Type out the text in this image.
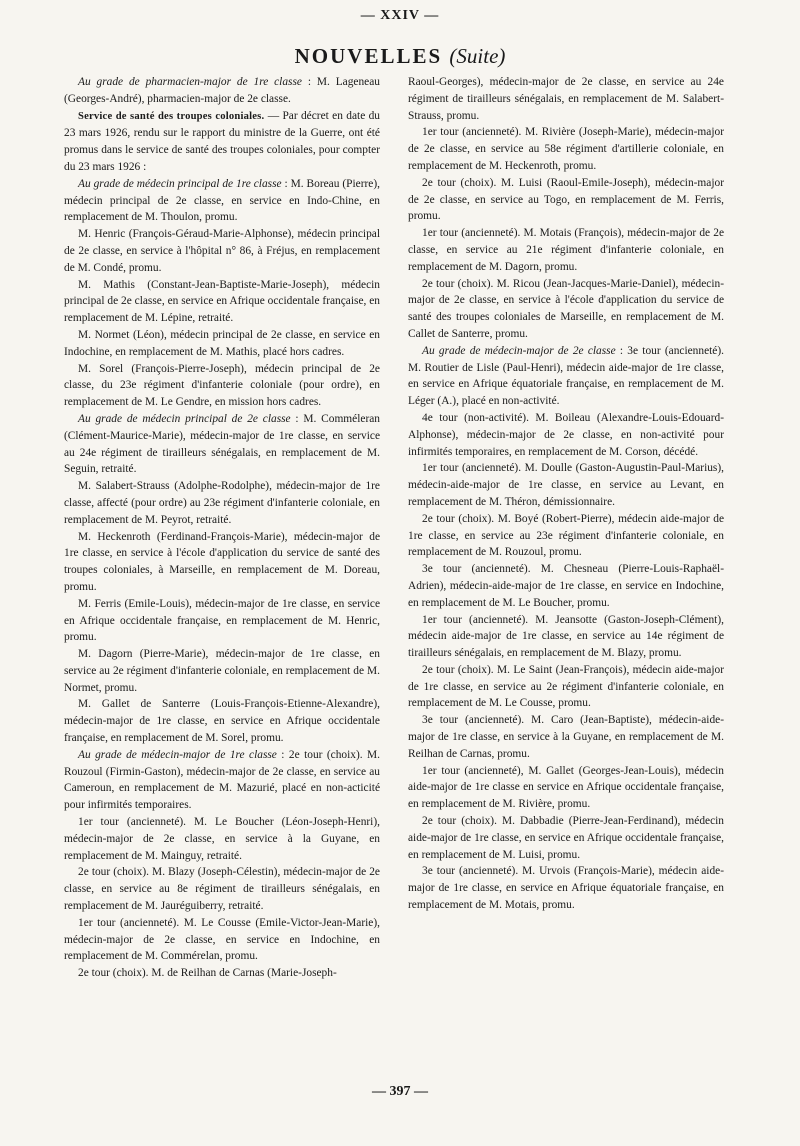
— XXIV —
NOUVELLES (Suite)

Au grade de pharmacien-major de 1re classe : M. Lageneau (Georges-André), pharmacien-major de 2e classe.

Service de santé des troupes coloniales. — Par décret en date du 23 mars 1926, rendu sur le rapport du ministre de la Guerre, ont été promus dans le service de santé des troupes coloniales, pour compter du 23 mars 1926 :

Au grade de médecin principal de 1re classe : M. Boreau (Pierre), médecin principal de 2e classe, en service en Indo-Chine, en remplacement de M. Thoulon, promu.

M. Henric (François-Géraud-Marie-Alphonse), médecin principal de 2e classe, en service à l'hôpital n° 86, à Fréjus, en remplacement de M. Condé, promu.

M. Mathis (Constant-Jean-Baptiste-Marie-Joseph), médecin principal de 2e classe, en service en Afrique occidentale française, en remplacement de M. Lépine, retraité.

M. Normet (Léon), médecin principal de 2e classe, en service en Indochine, en remplacement de M. Mathis, placé hors cadres.

M. Sorel (François-Pierre-Joseph), médecin principal de 2e classe, du 23e régiment d'infanterie coloniale (pour ordre), en remplacement de M. Le Gendre, en mission hors cadres.

Au grade de médecin principal de 2e classe : M. Comméleran (Clément-Maurice-Marie), médecin-major de 1re classe, en service au 24e régiment de tirailleurs sénégalais, en remplacement de M. Seguin, retraité.

M. Salabert-Strauss (Adolphe-Rodolphe), médecin-major de 1re classe, affecté (pour ordre) au 23e régiment d'infanterie coloniale, en remplacement de M. Peyrot, retraité.

M. Heckenroth (Ferdinand-François-Marie), médecin-major de 1re classe, en service à l'école d'application du service de santé des troupes coloniales, à Marseille, en remplacement de M. Doreau, promu.

M. Ferris (Emile-Louis), médecin-major de 1re classe, en service en Afrique occidentale française, en remplacement de M. Henric, promu.

M. Dagorn (Pierre-Marie), médecin-major de 1re classe, en service au 2e régiment d'infanterie coloniale, en remplacement de M. Normet, promu.

M. Gallet de Santerre (Louis-François-Etienne-Alexandre), médecin-major de 1re classe, en service en Afrique occidentale française, en remplacement de M. Sorel, promu.

Au grade de médecin-major de 1re classe : 2e tour (choix). M. Rouzoul (Firmin-Gaston), médecin-major de 2e classe, en service au Cameroun, en remplacement de M. Mazurié, placé en non-acticité pour infirmités temporaires.

1er tour (ancienneté). M. Le Boucher (Léon-Joseph-Henri), médecin-major de 2e classe, en service à la Guyane, en remplacement de M. Mainguy, retraité.

2e tour (choix). M. Blazy (Joseph-Célestin), médecin-major de 2e classe, en service au 8e régiment de tirailleurs sénégalais, en remplacement de M. Jauréguiberry, retraité.

1er tour (ancienneté). M. Le Cousse (Emile-Victor-Jean-Marie), médecin-major de 2e classe, en service en Indochine, en remplacement de M. Commérelan, promu.

2e tour (choix). M. de Reilhan de Carnas (Marie-Joseph-

Raoul-Georges), médecin-major de 2e classe, en service au 24e régiment de tirailleurs sénégalais, en remplacement de M. Salabert-Strauss, promu.

1er tour (ancienneté). M. Rivière (Joseph-Marie), médecin-major de 2e classe, en service au 58e régiment d'artillerie coloniale, en remplacement de M. Heckenroth, promu.

2e tour (choix). M. Luisi (Raoul-Emile-Joseph), médecin-major de 2e classe, en service au Togo, en remplacement de M. Ferris, promu.

1er tour (ancienneté). M. Motais (François), médecin-major de 2e classe, en service au 21e régiment d'infanterie coloniale, en remplacement de M. Dagorn, promu.

2e tour (choix). M. Ricou (Jean-Jacques-Marie-Daniel), médecin-major de 2e classe, en service à l'école d'application du service de santé des troupes coloniales de Marseille, en remplacement de M. Callet de Santerre, promu.

Au grade de médecin-major de 2e classe : 3e tour (ancienneté). M. Routier de Lisle (Paul-Henri), médecin aide-major de 1re classe, en service en Afrique équatoriale française, en remplacement de M. Léger (A.), placé en non-activité.

4e tour (non-activité). M. Boileau (Alexandre-Louis-Edouard-Alphonse), médecin-major de 2e classe, en non-activité pour infirmités temporaires, en remplacement de M. Corson, décédé.

1er tour (ancienneté). M. Doulle (Gaston-Augustin-Paul-Marius), médecin-aide-major de 1re classe, en service au Levant, en remplacement de M. Théron, démissionnaire.

2e tour (choix). M. Boyé (Robert-Pierre), médecin aide-major de 1re classe, en service au 23e régiment d'infanterie coloniale, en remplacement de M. Rouzoul, promu.

3e tour (ancienneté). M. Chesneau (Pierre-Louis-Raphaël-Adrien), médecin-aide-major de 1re classe, en service en Indochine, en remplacement de M. Le Boucher, promu.

1er tour (ancienneté). M. Jeansotte (Gaston-Joseph-Clément), médecin aide-major de 1re classe, en service au 14e régiment de tirailleurs sénégalais, en remplacement de M. Blazy, promu.

2e tour (choix). M. Le Saint (Jean-François), médecin aide-major de 1re classe, en service au 2e régiment d'infanterie coloniale, en remplacement de M. Le Cousse, promu.

3e tour (ancienneté). M. Caro (Jean-Baptiste), médecin-aide-major de 1re classe, en service à la Guyane, en remplacement de M. Reilhan de Carnas, promu.

1er tour (ancienneté), M. Gallet (Georges-Jean-Louis), médecin aide-major de 1re classe en service en Afrique occidentale française, en remplacement de M. Rivière, promu.

2e tour (choix). M. Dabbadie (Pierre-Jean-Ferdinand), médecin aide-major de 1re classe, en service en Afrique occidentale française, en remplacement de M. Luisi, promu.

3e tour (ancienneté). M. Urvois (François-Marie), médecin aide-major de 1re classe, en service en Afrique équatoriale française, en remplacement de M. Motais, promu.

— 397 —
